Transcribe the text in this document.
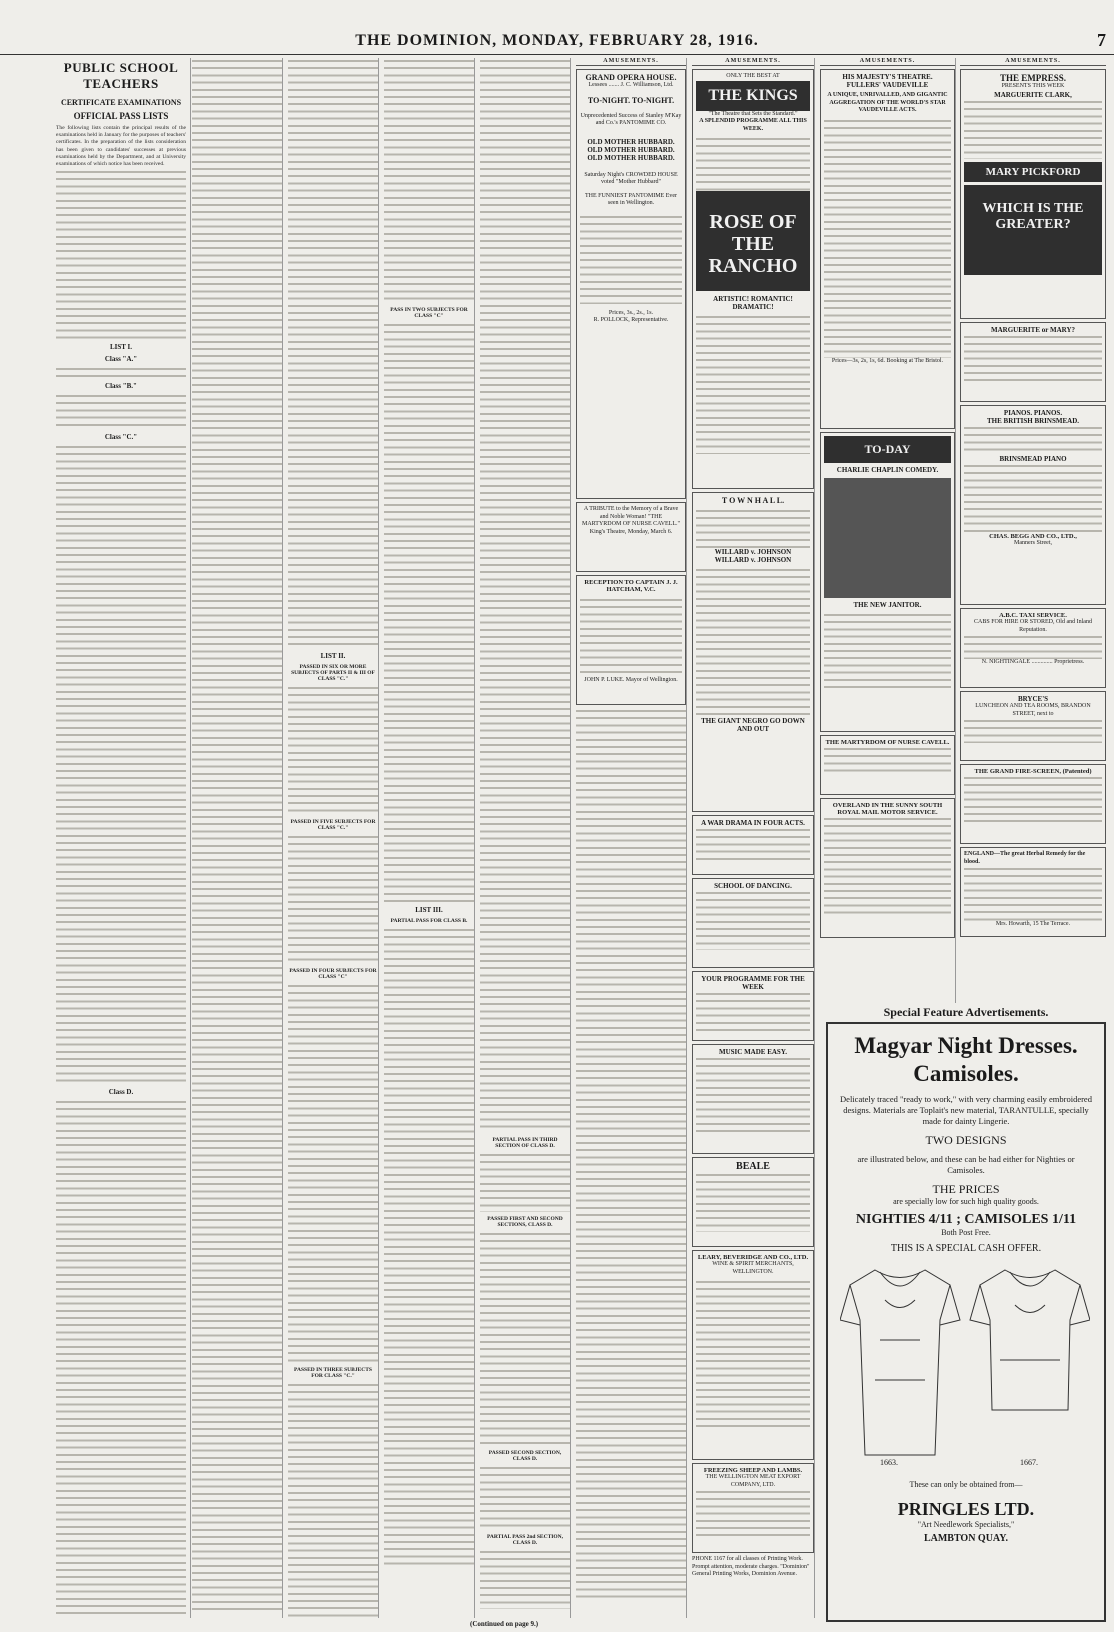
THE DOMINION, MONDAY, FEBRUARY 28, 1916.	7
PUBLIC SCHOOL TEACHERS
CERTIFICATE EXAMINATIONS
OFFICIAL PASS LISTS

The following lists contain the principal results of the examinations held in January for the purposes of teachers' certificates. In the preparation of the lists consideration has been given to candidates' successes at previous examinations held by the Department, and at University examinations of which notice has been received.

LIST I.
Class "A."
Class "B."
Class "C."
Class D.
LIST II.
PASSED IN SIX OR MORE SUBJECTS OF PARTS II & III OF CLASS "C."
PASSED IN FIVE SUBJECTS FOR CLASS "C."
PASSED IN FOUR SUBJECTS FOR CLASS "C"
PASSED IN THREE SUBJECTS FOR CLASS "C."
PASS IN TWO SUBJECTS FOR CLASS "C"
LIST III.
PARTIAL PASS FOR CLASS B.
PARTIAL PASS IN THIRD SECTION OF CLASS D.
PASSED FIRST AND SECOND SECTIONS, CLASS D.
PASSED SECOND SECTION, CLASS D.
PARTIAL PASS 2nd SECTION, CLASS D.
(Continued on page 9.)
AMUSEMENTS.
GRAND OPERA HOUSE.
Lessees ....... J. C. Williamson, Ltd.
TO-NIGHT. TO-NIGHT.
Unprecedented Success of Stanley M'Kay and Co.'s PANTOMIME CO.
OLD MOTHER HUBBARD.
OLD MOTHER HUBBARD.
OLD MOTHER HUBBARD.
Saturday Night's CROWDED HOUSE voted "Mother Hubbard"
THE FUNNIEST PANTOMIME Ever seen in Wellington.
Prices, 3s., 2s., 1s.
R. POLLOCK, Representative.
A TRIBUTE to the Memory of a Brave and Noble Woman! "THE MARTYRDOM OF NURSE CAVELL." King's Theatre, Monday, March 6.
RECEPTION TO CAPTAIN J. J. HATCHAM, V.C.
JOHN P. LUKE. Mayor of Wellington.
AMUSEMENTS.
ONLY THE BEST AT
THE KINGS
"The Theatre that Sets the Standard."
A SPLENDID PROGRAMME ALL THIS WEEK.
ROSE OF THE RANCHO
ARTISTIC! ROMANTIC! DRAMATIC!
T O W N H A L L.
WILLARD v. JOHNSON
WILLARD v. JOHNSON
THE GIANT NEGRO GO DOWN AND OUT
A WAR DRAMA IN FOUR ACTS.
SCHOOL OF DANCING.
YOUR PROGRAMME FOR THE WEEK
MUSIC MADE EASY.
BEALE
LEARY, BEVERIDGE AND CO., LTD.
WINE & SPIRIT MERCHANTS,
WELLINGTON.
FREEZING SHEEP AND LAMBS.
THE WELLINGTON MEAT EXPORT COMPANY, LTD.
PHONE 1167 for all classes of Printing Work. Prompt attention, moderate charges. "Dominion" General Printing Works, Dominion Avenue.
AMUSEMENTS.
HIS MAJESTY'S THEATRE.
FULLERS' VAUDEVILLE
A UNIQUE, UNRIVALLED, AND GIGANTIC AGGREGATION OF THE WORLD'S STAR VAUDEVILLE ACTS.
Prices—3s, 2s, 1s, 6d. Booking at The Bristol.
TO-DAY
CHARLIE CHAPLIN COMEDY.
THE NEW JANITOR.
THE MARTYRDOM OF NURSE CAVELL.
OVERLAND IN THE SUNNY SOUTH ROYAL MAIL MOTOR SERVICE.
AMUSEMENTS.
THE EMPRESS.
PRESENTS THIS WEEK
MARGUERITE CLARK,
MARY PICKFORD
WHICH IS THE GREATER?
MARGUERITE or MARY?
PIANOS. PIANOS.
THE BRITISH BRINSMEAD.
BRINSMEAD PIANO
CHAS. BEGG AND CO., LTD.,
Manners Street,
A.B.C. TAXI SERVICE.
CABS FOR HIRE OR STORED, Old and Inland Reputation.
N. NIGHTINGALE .............. Proprietress.
BRYCE'S
LUNCHEON AND TEA ROOMS, BRANDON STREET, next to
THE GRAND FIRE-SCREEN, (Patented)
ENGLAND—The great Herbal Remedy for the blood.
Mrs. Howarth, 15 The Terrace.
Special Feature Advertisements.
Magyar Night Dresses. Camisoles.
Delicately traced "ready to work," with very charming easily embroidered designs. Materials are Toplait's new material, TARANTULLE, specially made for dainty Lingerie.
TWO DESIGNS
are illustrated below, and these can be had either for Nighties or Camisoles.
THE PRICES
are specially low for such high quality goods.
NIGHTIES 4/11 ; CAMISOLES 1/11
Both Post Free.
THIS IS A SPECIAL CASH OFFER.
1663.	1667.
These can only be obtained from—
PRINGLES LTD.
"Art Needlework Specialists,"
LAMBTON QUAY.
